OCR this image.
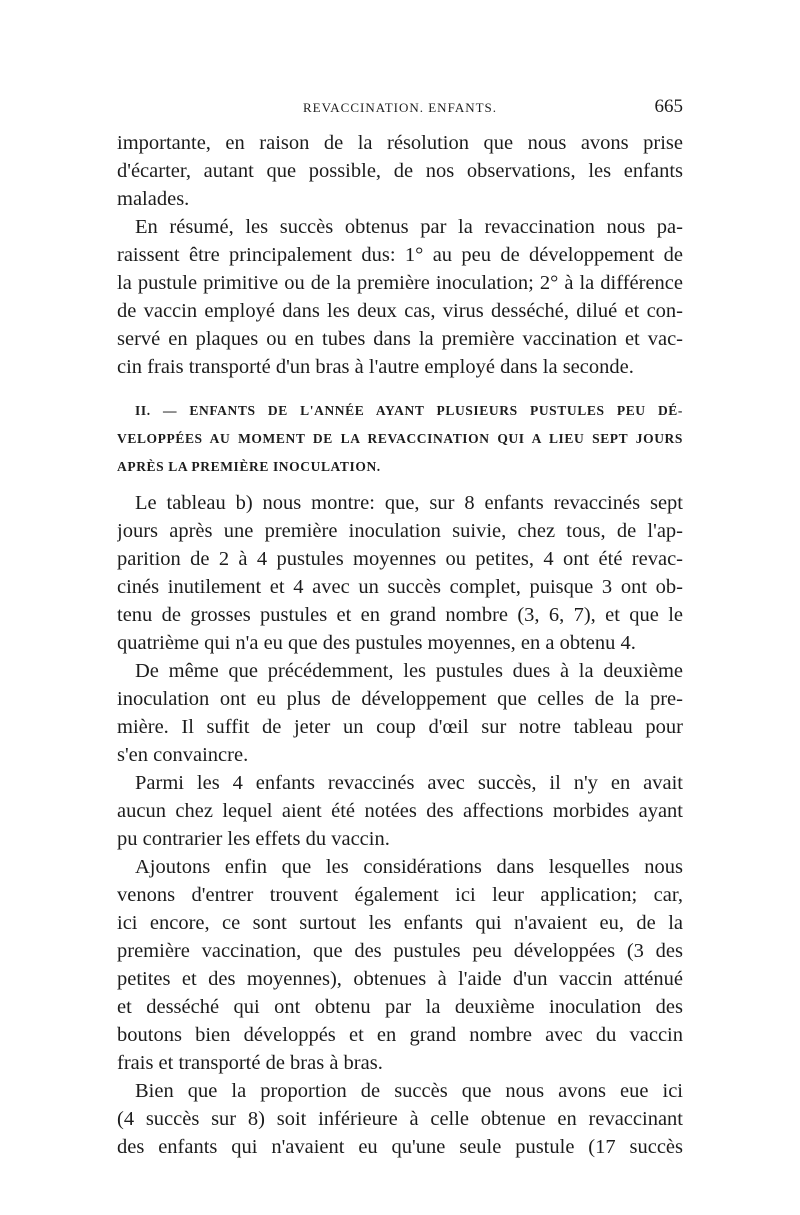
REVACCINATION. ENFANTS.	665
importante, en raison de la résolution que nous avons prise
d'écarter, autant que possible, de nos observations, les enfants
malades.
En résumé, les succès obtenus par la revaccination nous pa-
raissent être principalement dus: 1° au peu de développement de
la pustule primitive ou de la première inoculation; 2° à la différence
de vaccin employé dans les deux cas, virus desséché, dilué et con-
servé en plaques ou en tubes dans la première vaccination et vac-
cin frais transporté d'un bras à l'autre employé dans la seconde.
II. — ENFANTS DE L'ANNÉE AYANT PLUSIEURS PUSTULES PEU DÉ-
VELOPPÉES AU MOMENT DE LA REVACCINATION QUI A LIEU SEPT JOURS
APRÈS LA PREMIÈRE INOCULATION.
Le tableau b) nous montre: que, sur 8 enfants revaccinés sept
jours après une première inoculation suivie, chez tous, de l'ap-
parition de 2 à 4 pustules moyennes ou petites, 4 ont été revac-
cinés inutilement et 4 avec un succès complet, puisque 3 ont ob-
tenu de grosses pustules et en grand nombre (3, 6, 7), et que le
quatrième qui n'a eu que des pustules moyennes, en a obtenu 4.
De même que précédemment, les pustules dues à la deuxième
inoculation ont eu plus de développement que celles de la pre-
mière. Il suffit de jeter un coup d'œil sur notre tableau pour
s'en convaincre.
Parmi les 4 enfants revaccinés avec succès, il n'y en avait
aucun chez lequel aient été notées des affections morbides ayant
pu contrarier les effets du vaccin.
Ajoutons enfin que les considérations dans lesquelles nous
venons d'entrer trouvent également ici leur application; car,
ici encore, ce sont surtout les enfants qui n'avaient eu, de la
première vaccination, que des pustules peu développées (3 des
petites et des moyennes), obtenues à l'aide d'un vaccin atténué
et desséché qui ont obtenu par la deuxième inoculation des
boutons bien développés et en grand nombre avec du vaccin
frais et transporté de bras à bras.
Bien que la proportion de succès que nous avons eue ici
(4 succès sur 8) soit inférieure à celle obtenue en revaccinant
des enfants qui n'avaient eu qu'une seule pustule (17 succès
